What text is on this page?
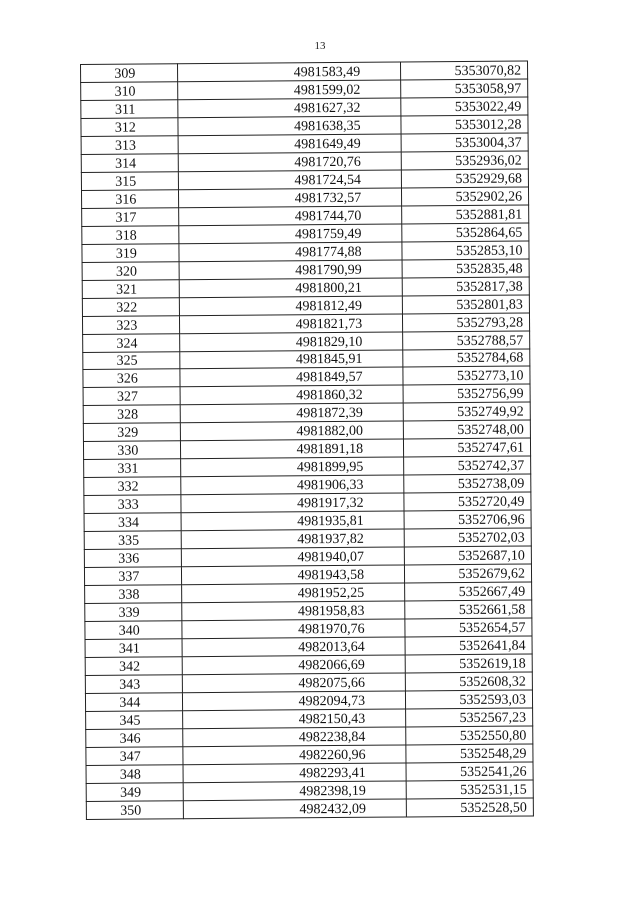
13
309	4981583,49	5353070,82
310	4981599,02	5353058,97
311	4981627,32	5353022,49
312	4981638,35	5353012,28
313	4981649,49	5353004,37
314	4981720,76	5352936,02
315	4981724,54	5352929,68
316	4981732,57	5352902,26
317	4981744,70	5352881,81
318	4981759,49	5352864,65
319	4981774,88	5352853,10
320	4981790,99	5352835,48
321	4981800,21	5352817,38
322	4981812,49	5352801,83
323	4981821,73	5352793,28
324	4981829,10	5352788,57
325	4981845,91	5352784,68
326	4981849,57	5352773,10
327	4981860,32	5352756,99
328	4981872,39	5352749,92
329	4981882,00	5352748,00
330	4981891,18	5352747,61
331	4981899,95	5352742,37
332	4981906,33	5352738,09
333	4981917,32	5352720,49
334	4981935,81	5352706,96
335	4981937,82	5352702,03
336	4981940,07	5352687,10
337	4981943,58	5352679,62
338	4981952,25	5352667,49
339	4981958,83	5352661,58
340	4981970,76	5352654,57
341	4982013,64	5352641,84
342	4982066,69	5352619,18
343	4982075,66	5352608,32
344	4982094,73	5352593,03
345	4982150,43	5352567,23
346	4982238,84	5352550,80
347	4982260,96	5352548,29
348	4982293,41	5352541,26
349	4982398,19	5352531,15
350	4982432,09	5352528,50
